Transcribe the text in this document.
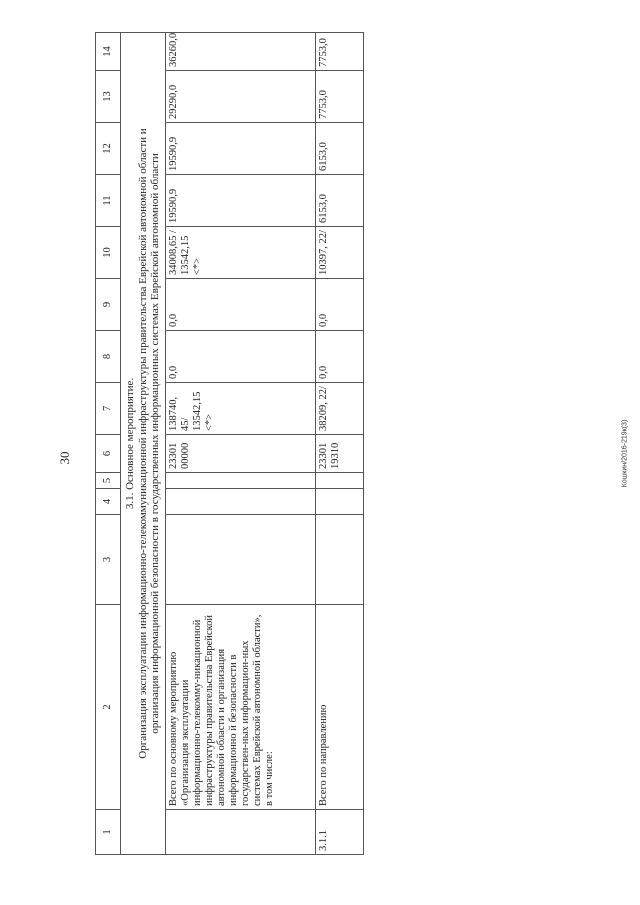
30	Кошкин/2016-219к(3)
1	2	3	4	5	6	7	8	9	10	11	12	13	14

3.1. Основное мероприятие. Организация эксплуатации информационно-телекоммуникационной инфраструктуры правительства Еврейской автономной области и организация информационной безопасности в государственных информационных системах Еврейской автономной области													

	Всего по основному мероприятию «Организация эксплуатации информационно-телекомму-никационной инфраструктуры правительства Еврейской автономной области и организация информационно й безопасности в государствен-ных информацион-ных системах Еврейской автономной области», в том числе:				23301 00000	138740, 45/ 13542,15 <*>	0,0	0,0	34008,65 / 13542,15 <*>	19590,9	19590,9	29290,0	36260,0
3.1.1	Всего по направлению				23301 19310	38209, 22/	0,0	0,0	10397, 22/	6153,0	6153,0	7753,0	7753,0
